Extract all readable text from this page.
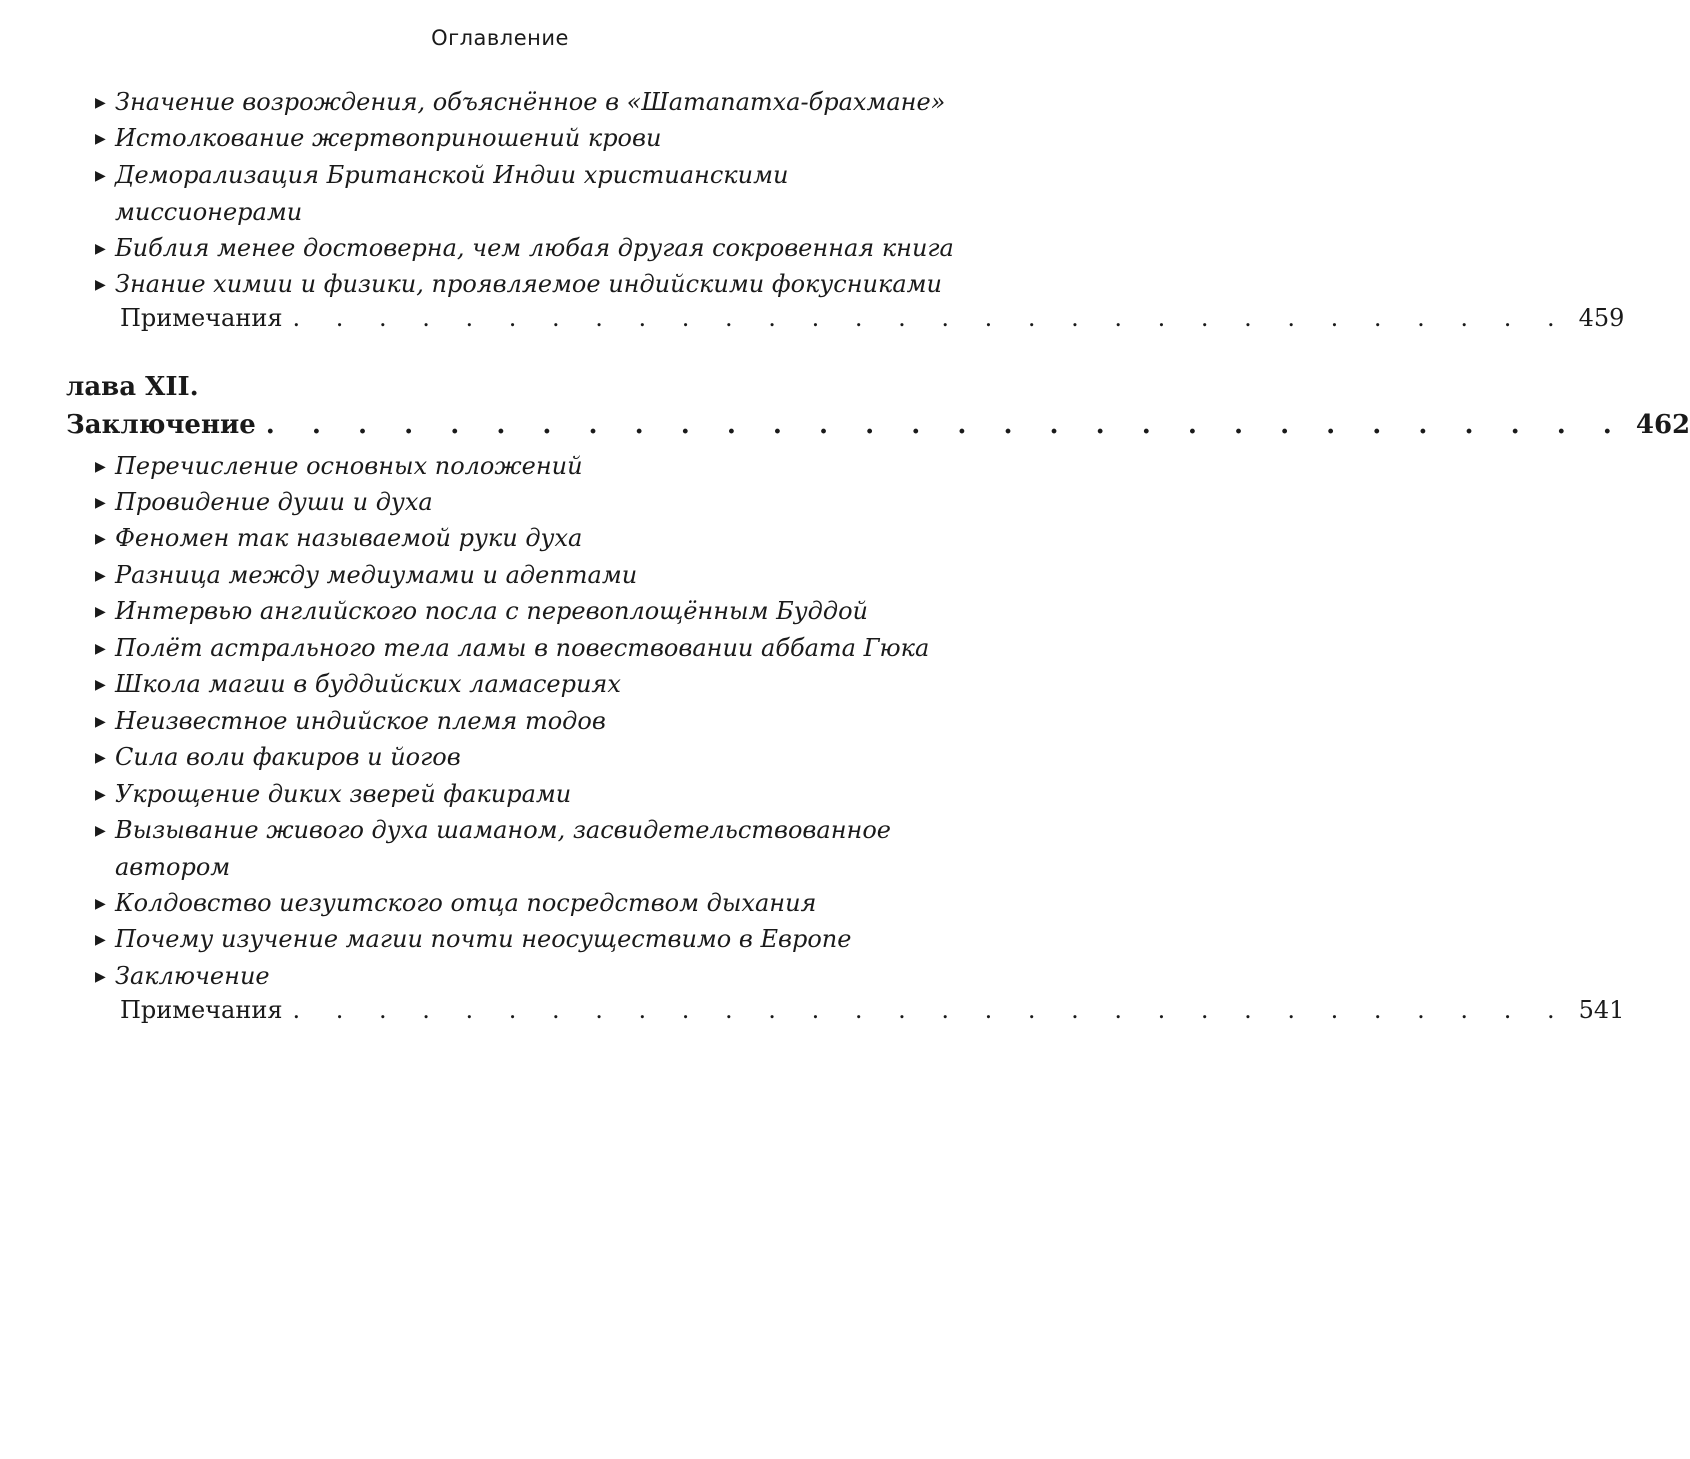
Оглавление
▶ Значение возрождения, объяснённое в «Шатапатха-брахмане»
▶ Истолкование жертвоприношений крови
▶ Деморализация Британской Индии христианскими
миссионерами
▶ Библия менее достоверна, чем любая другая сокровенная книга
▶ Знание химии и физики, проявляемое индийскими фокусниками
Примечания . . . . . . . . . . . . . . . . . . . . . . . . . . . . . . 459
лава XII.
Заключение . . . . . . . . . . . . . . . . . . . . . . . . . . . . . . 462
▶ Перечисление основных положений
▶ Провидение души и духа
▶ Феномен так называемой руки духа
▶ Разница между медиумами и адептами
▶ Интервью английского посла с перевоплощённым Буддой
▶ Полёт астрального тела ламы в повествовании аббата Гюка
▶ Школа магии в буддийских ламасериях
▶ Неизвестное индийское племя тодов
▶ Сила воли факиров и йогов
▶ Укрощение диких зверей факирами
▶ Вызывание живого духа шаманом, засвидетельствованное
автором
▶ Колдовство иезуитского отца посредством дыхания
▶ Почему изучение магии почти неосуществимо в Европе
▶ Заключение
Примечания . . . . . . . . . . . . . . . . . . . . . . . . . . . . . . 541
